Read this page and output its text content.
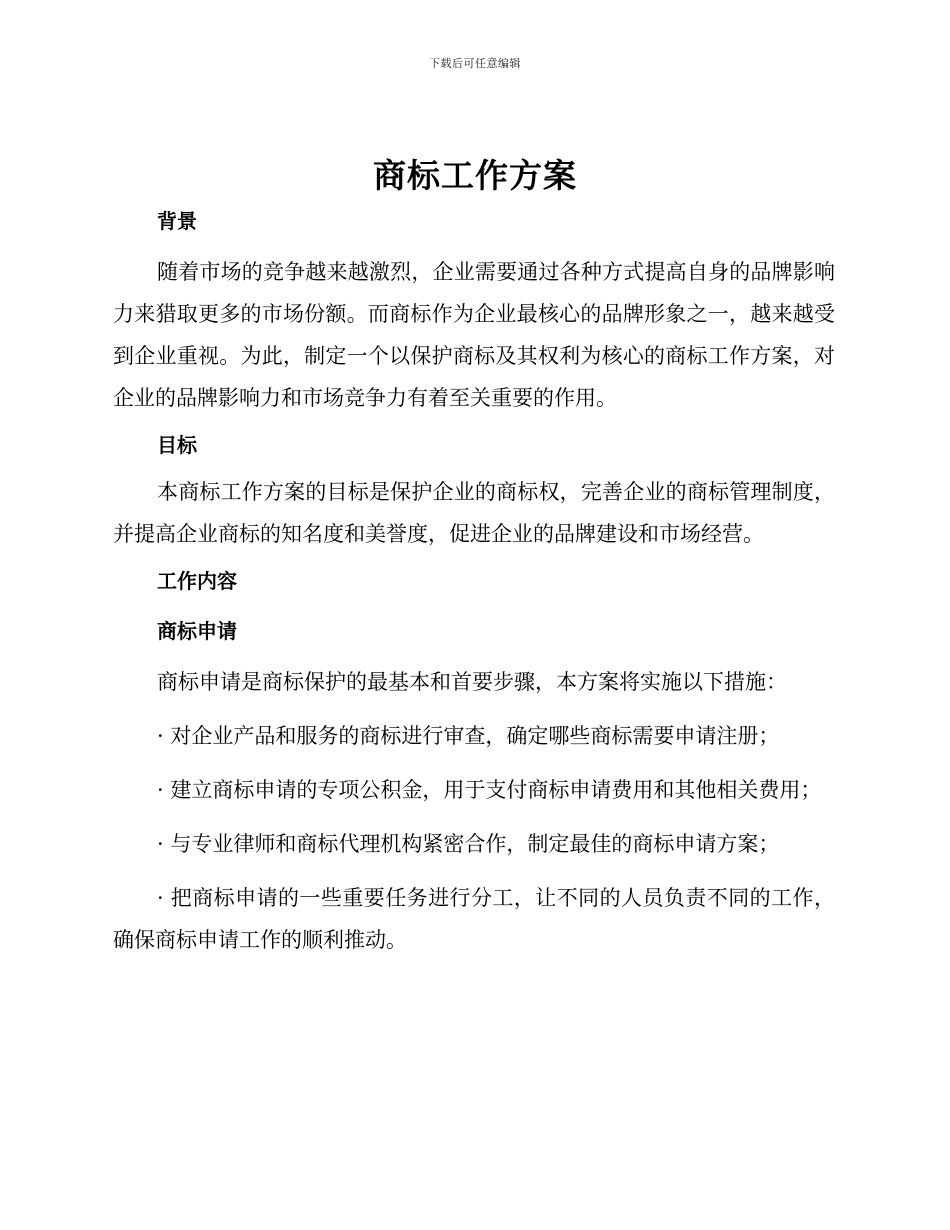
下载后可任意编辑
商标工作方案

背景

随着市场的竞争越来越激烈，企业需要通过各种方式提高自身的品牌影响力来猎取更多的市场份额。而商标作为企业最核心的品牌形象之一，越来越受到企业重视。为此，制定一个以保护商标及其权利为核心的商标工作方案，对企业的品牌影响力和市场竞争力有着至关重要的作用。

目标

本商标工作方案的目标是保护企业的商标权，完善企业的商标管理制度，并提高企业商标的知名度和美誉度，促进企业的品牌建设和市场经营。

工作内容

商标申请

商标申请是商标保护的最基本和首要步骤，本方案将实施以下措施：

· 对企业产品和服务的商标进行审查，确定哪些商标需要申请注册；

· 建立商标申请的专项公积金，用于支付商标申请费用和其他相关费用；

· 与专业律师和商标代理机构紧密合作，制定最佳的商标申请方案；

· 把商标申请的一些重要任务进行分工，让不同的人员负责不同的工作，确保商标申请工作的顺利推动。
